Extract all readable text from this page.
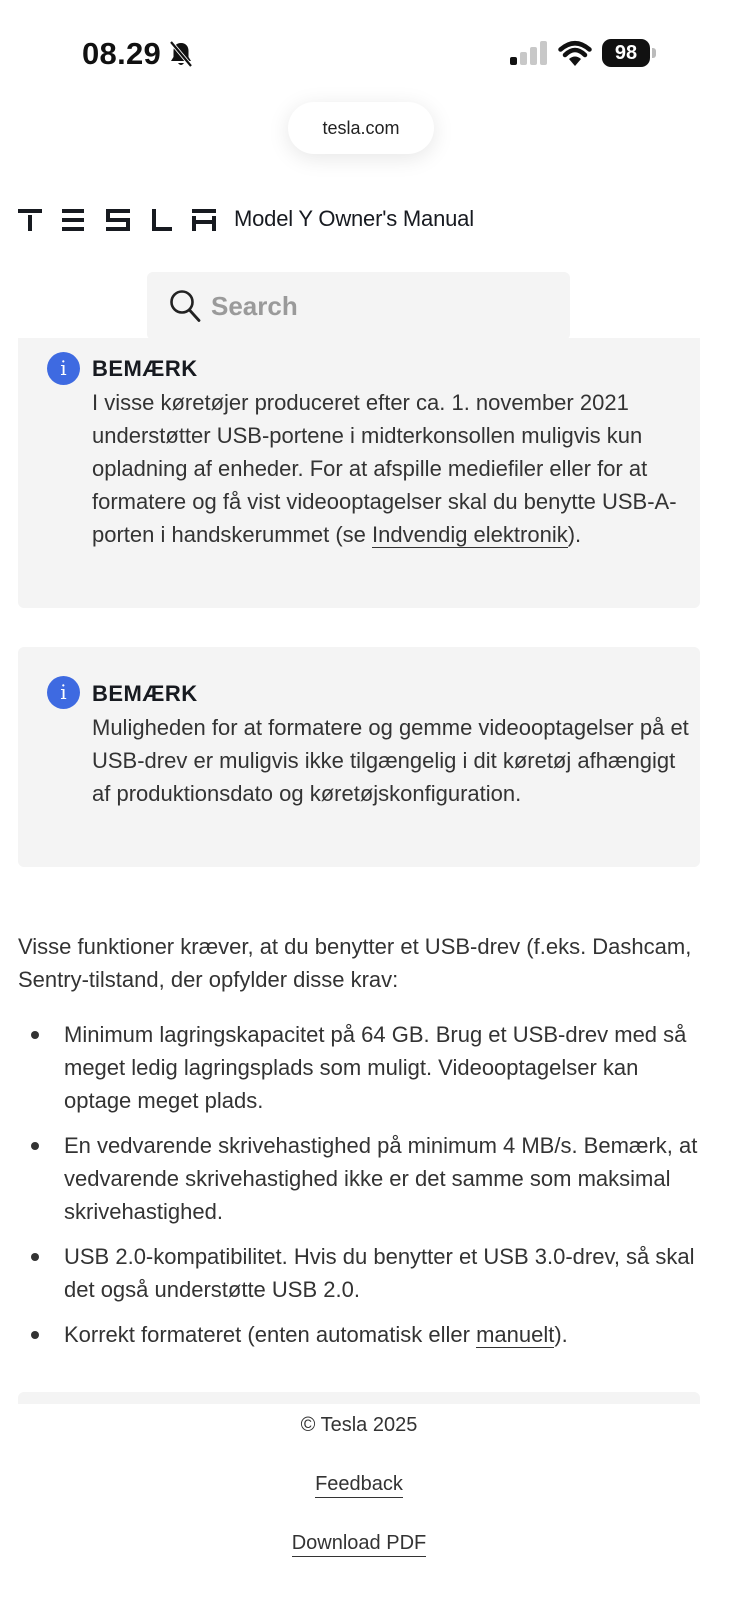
08.29	98
tesla.com
Model Y Owner's Manual
Search
i	BEMÆRK
I visse køretøjer produceret efter ca. 1. november 2021 understøtter USB-portene i midterkonsollen muligvis kun opladning af enheder. For at afspille mediefiler eller for at formatere og få vist videooptagelser skal du benytte USB-A-porten i handskerummet (se Indvendig elektronik).
i	BEMÆRK
Muligheden for at formatere og gemme videooptagelser på et USB-drev er muligvis ikke tilgængelig i dit køretøj afhængigt af produktionsdato og køretøjskonfiguration.

Visse funktioner kræver, at du benytter et USB-drev (f.eks. Dashcam, Sentry-tilstand, der opfylder disse krav:

Minimum lagringskapacitet på 64 GB. Brug et USB-drev med så meget ledig lagringsplads som muligt. Videooptagelser kan optage meget plads.
En vedvarende skrivehastighed på minimum 4 MB/s. Bemærk, at vedvarende skrivehastighed ikke er det samme som maksimal skrivehastighed.
USB 2.0-kompatibilitet. Hvis du benytter et USB 3.0-drev, så skal det også understøtte USB 2.0.
Korrekt formateret (enten automatisk eller manuelt).
© Tesla 2025
Feedback
Download PDF
